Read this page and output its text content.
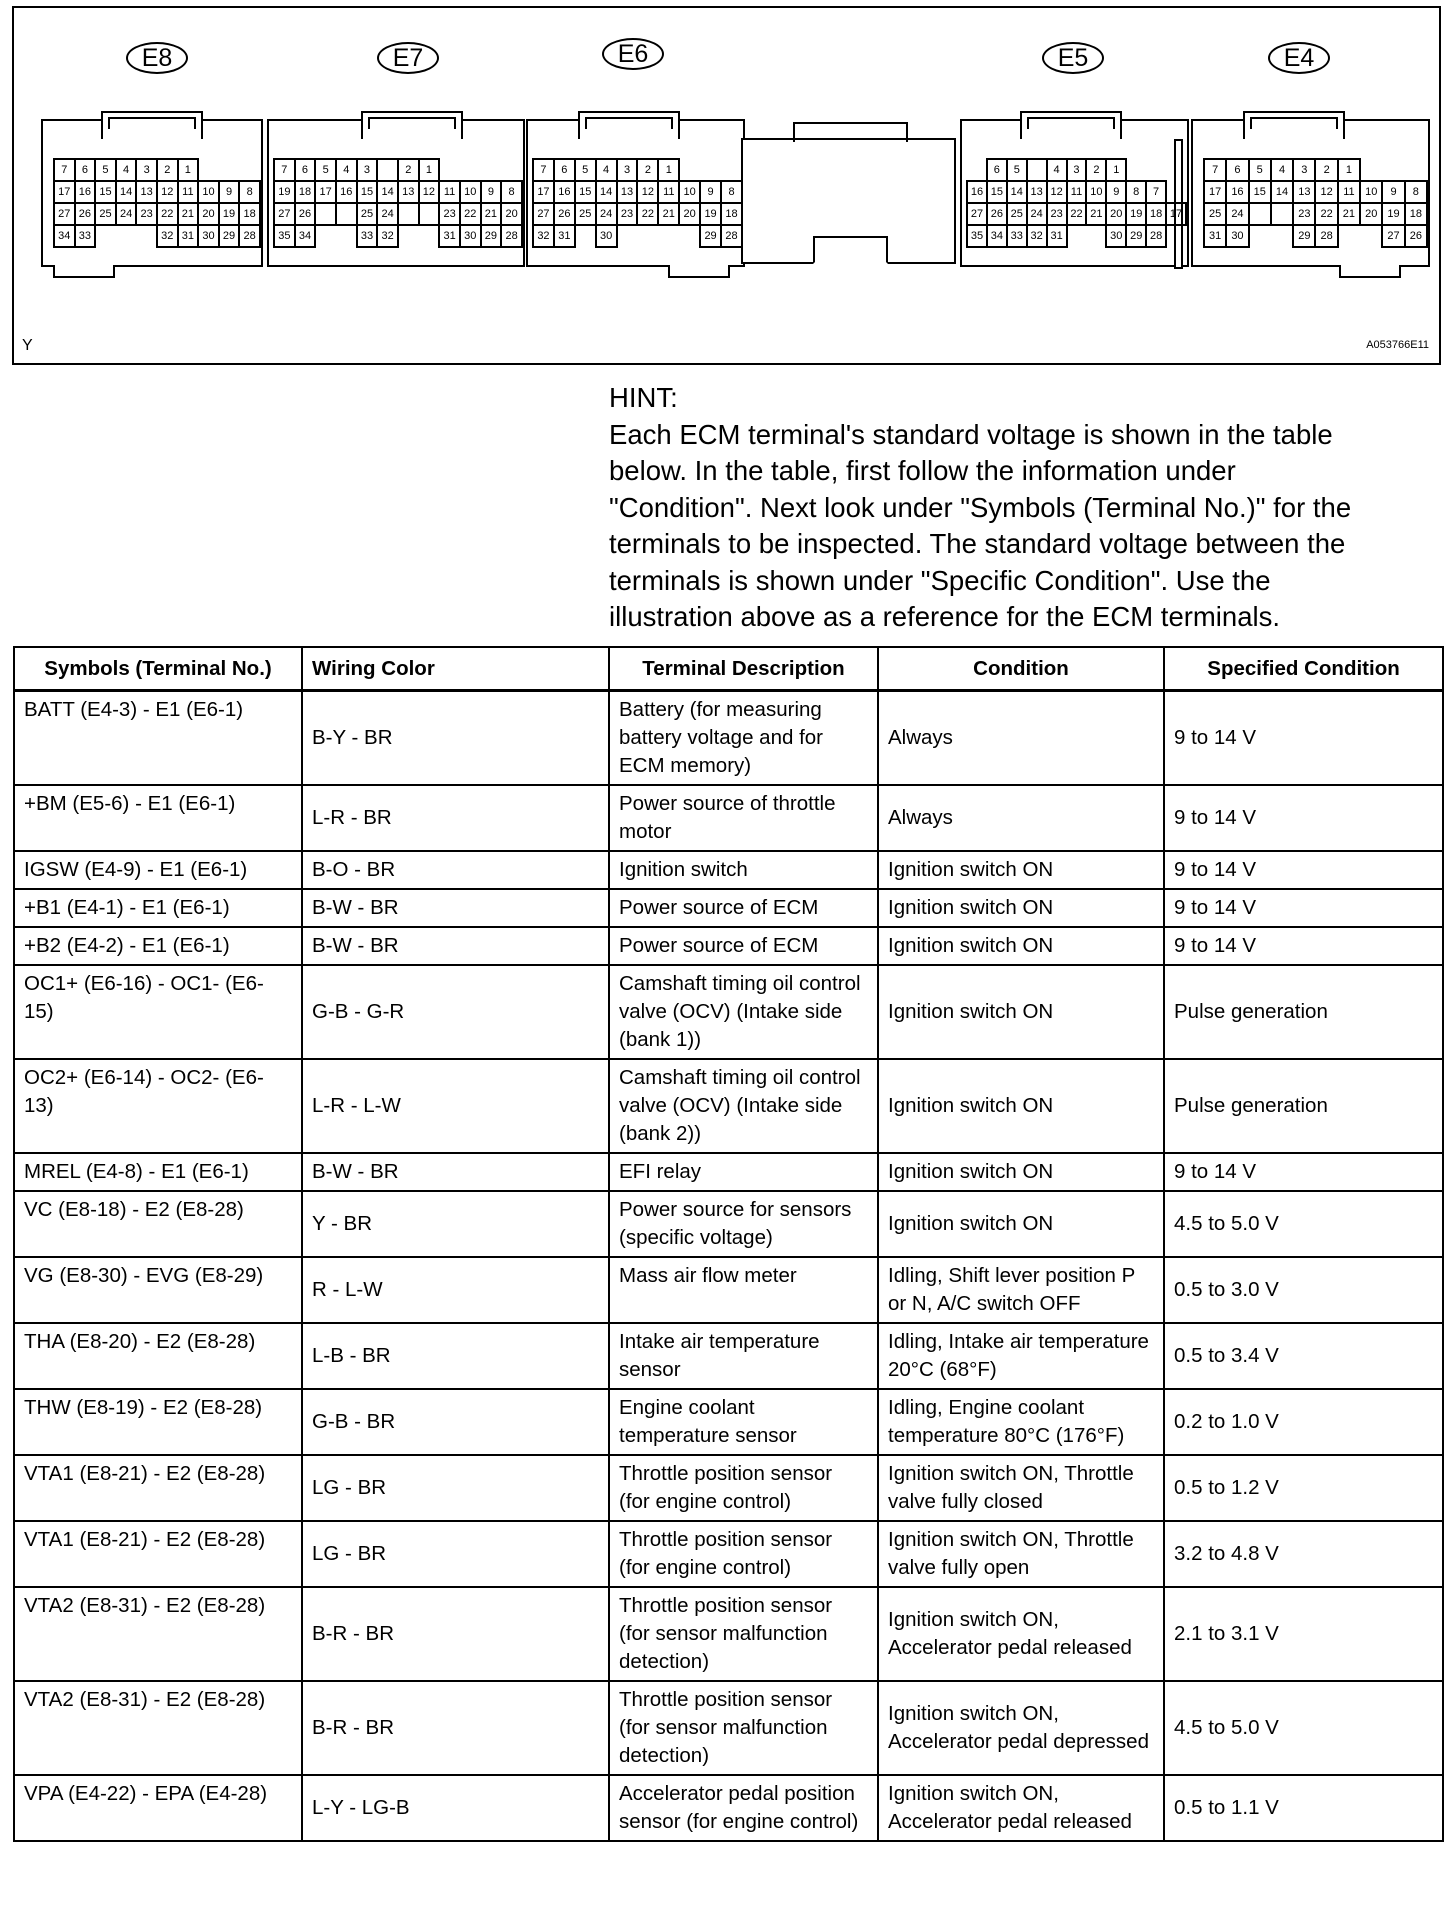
E8	E7	E6	E5	E4
7	6	5	4	3	2	1			
17	16	15	14	13	12	11	10	9	8
27	26	25	24	23	22	21	20	19	18
34	33				32	31	30	29	28
7	6	5	4	3		2	1				
19	18	17	16	15	14	13	12	11	10	9	8
27	26			25	24			23	22	21	20
35	34			33	32			31	30	29	28
7	6	5	4	3	2	1			
17	16	15	14	13	12	11	10	9	8
27	26	25	24	23	22	21	20	19	18
32	31		30					29	28
	6	5		4	3	2	1			
16	15	14	13	12	11	10	9	8	7	
27	26	25	24	23	22	21	20	19	18	17
35	34	33	32	31			30	29	28	
7	6	5	4	3	2	1			
17	16	15	14	13	12	11	10	9	8
25	24			23	22	21	20	19	18
31	30			29	28			27	26
Y	A053766E11
HINT:
Each ECM terminal's standard voltage is shown in the table
below. In the table, first follow the information under
"Condition". Next look under "Symbols (Terminal No.)" for the
terminals to be inspected. The standard voltage between the
terminals is shown under "Specific Condition". Use the
illustration above as a reference for the ECM terminals.
Symbols (Terminal No.)	Wiring Color	Terminal Description	Condition	Specified Condition
BATT (E4-3) - E1 (E6-1)	B-Y - BR	Battery (for measuring battery voltage and for ECM memory)	Always	9 to 14 V
+BM (E5-6) - E1 (E6-1)	L-R - BR	Power source of throttle motor	Always	9 to 14 V
IGSW (E4-9) - E1 (E6-1)	B-O - BR	Ignition switch	Ignition switch ON	9 to 14 V
+B1 (E4-1) - E1 (E6-1)	B-W - BR	Power source of ECM	Ignition switch ON	9 to 14 V
+B2 (E4-2) - E1 (E6-1)	B-W - BR	Power source of ECM	Ignition switch ON	9 to 14 V
OC1+ (E6-16) - OC1- (E6-15)	G-B - G-R	Camshaft timing oil control valve (OCV) (Intake side (bank 1))	Ignition switch ON	Pulse generation
OC2+ (E6-14) - OC2- (E6-13)	L-R - L-W	Camshaft timing oil control valve (OCV) (Intake side (bank 2))	Ignition switch ON	Pulse generation
MREL (E4-8) - E1 (E6-1)	B-W - BR	EFI relay	Ignition switch ON	9 to 14 V
VC (E8-18) - E2 (E8-28)	Y - BR	Power source for sensors (specific voltage)	Ignition switch ON	4.5 to 5.0 V
VG (E8-30) - EVG (E8-29)	R - L-W	Mass air flow meter	Idling, Shift lever position P or N, A/C switch OFF	0.5 to 3.0 V
THA (E8-20) - E2 (E8-28)	L-B - BR	Intake air temperature sensor	Idling, Intake air temperature 20°C (68°F)	0.5 to 3.4 V
THW (E8-19) - E2 (E8-28)	G-B - BR	Engine coolant temperature sensor	Idling, Engine coolant temperature 80°C (176°F)	0.2 to 1.0 V
VTA1 (E8-21) - E2 (E8-28)	LG - BR	Throttle position sensor (for engine control)	Ignition switch ON, Throttle valve fully closed	0.5 to 1.2 V
VTA1 (E8-21) - E2 (E8-28)	LG - BR	Throttle position sensor (for engine control)	Ignition switch ON, Throttle valve fully open	3.2 to 4.8 V
VTA2 (E8-31) - E2 (E8-28)	B-R - BR	Throttle position sensor (for sensor malfunction detection)	Ignition switch ON, Accelerator pedal released	2.1 to 3.1 V
VTA2 (E8-31) - E2 (E8-28)	B-R - BR	Throttle position sensor (for sensor malfunction detection)	Ignition switch ON, Accelerator pedal depressed	4.5 to 5.0 V
VPA (E4-22) - EPA (E4-28)	L-Y - LG-B	Accelerator pedal position sensor (for engine control)	Ignition switch ON, Accelerator pedal released	0.5 to 1.1 V
